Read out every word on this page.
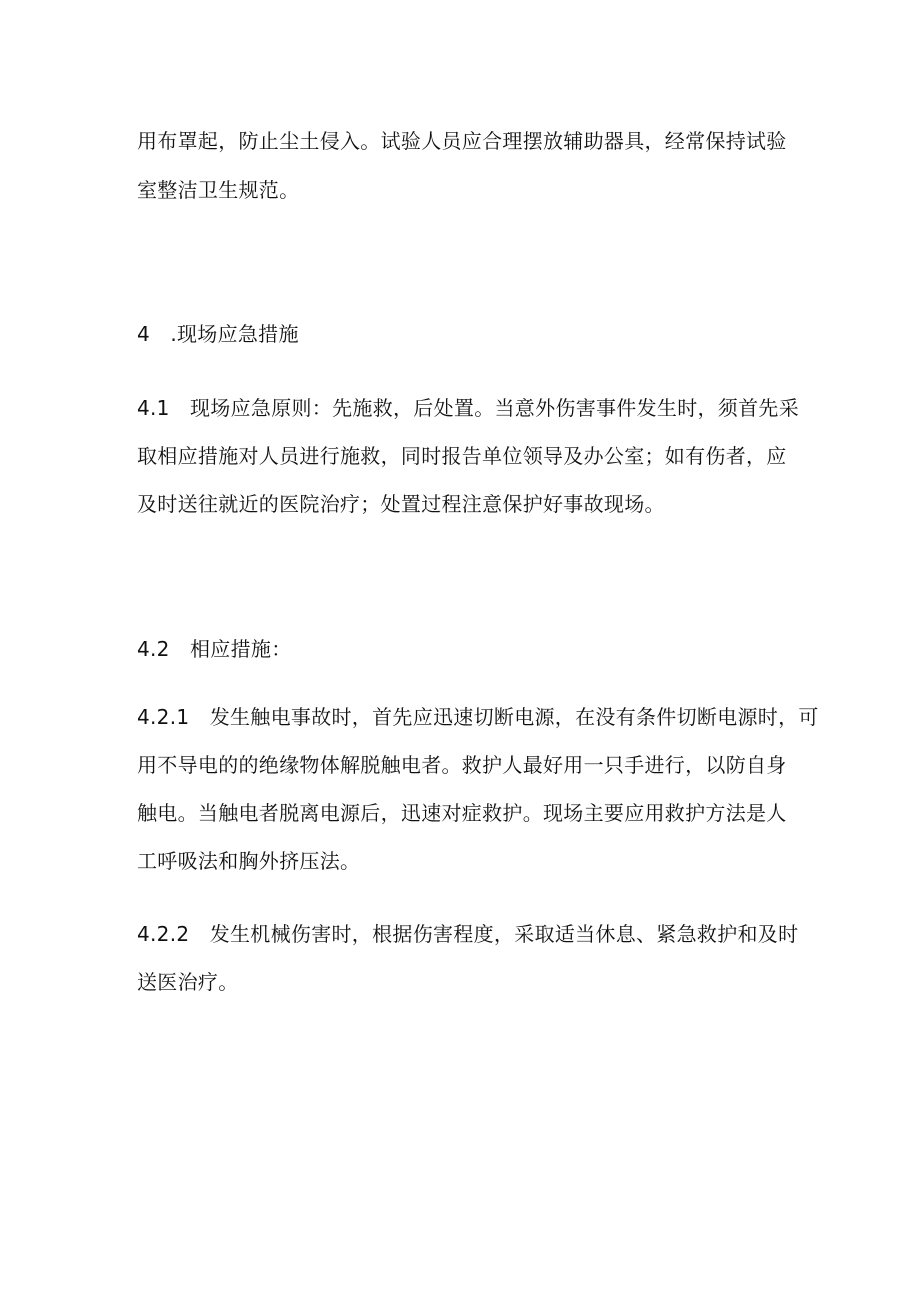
用布罩起，防止尘土侵入。试验人员应合理摆放辅助器具，经常保持试验
室整洁卫生规范。
4　.现场应急措施
4.1　现场应急原则：先施救，后处置。当意外伤害事件发生时，须首先采
取相应措施对人员进行施救，同时报告单位领导及办公室；如有伤者，应
及时送往就近的医院治疗；处置过程注意保护好事故现场。
4.2　相应措施：
4.2.1　发生触电事故时，首先应迅速切断电源，在没有条件切断电源时，可
用不导电的的绝缘物体解脱触电者。救护人最好用一只手进行，以防自身
触电。当触电者脱离电源后，迅速对症救护。现场主要应用救护方法是人
工呼吸法和胸外挤压法。
4.2.2　发生机械伤害时，根据伤害程度，采取适当休息、紧急救护和及时
送医治疗。
